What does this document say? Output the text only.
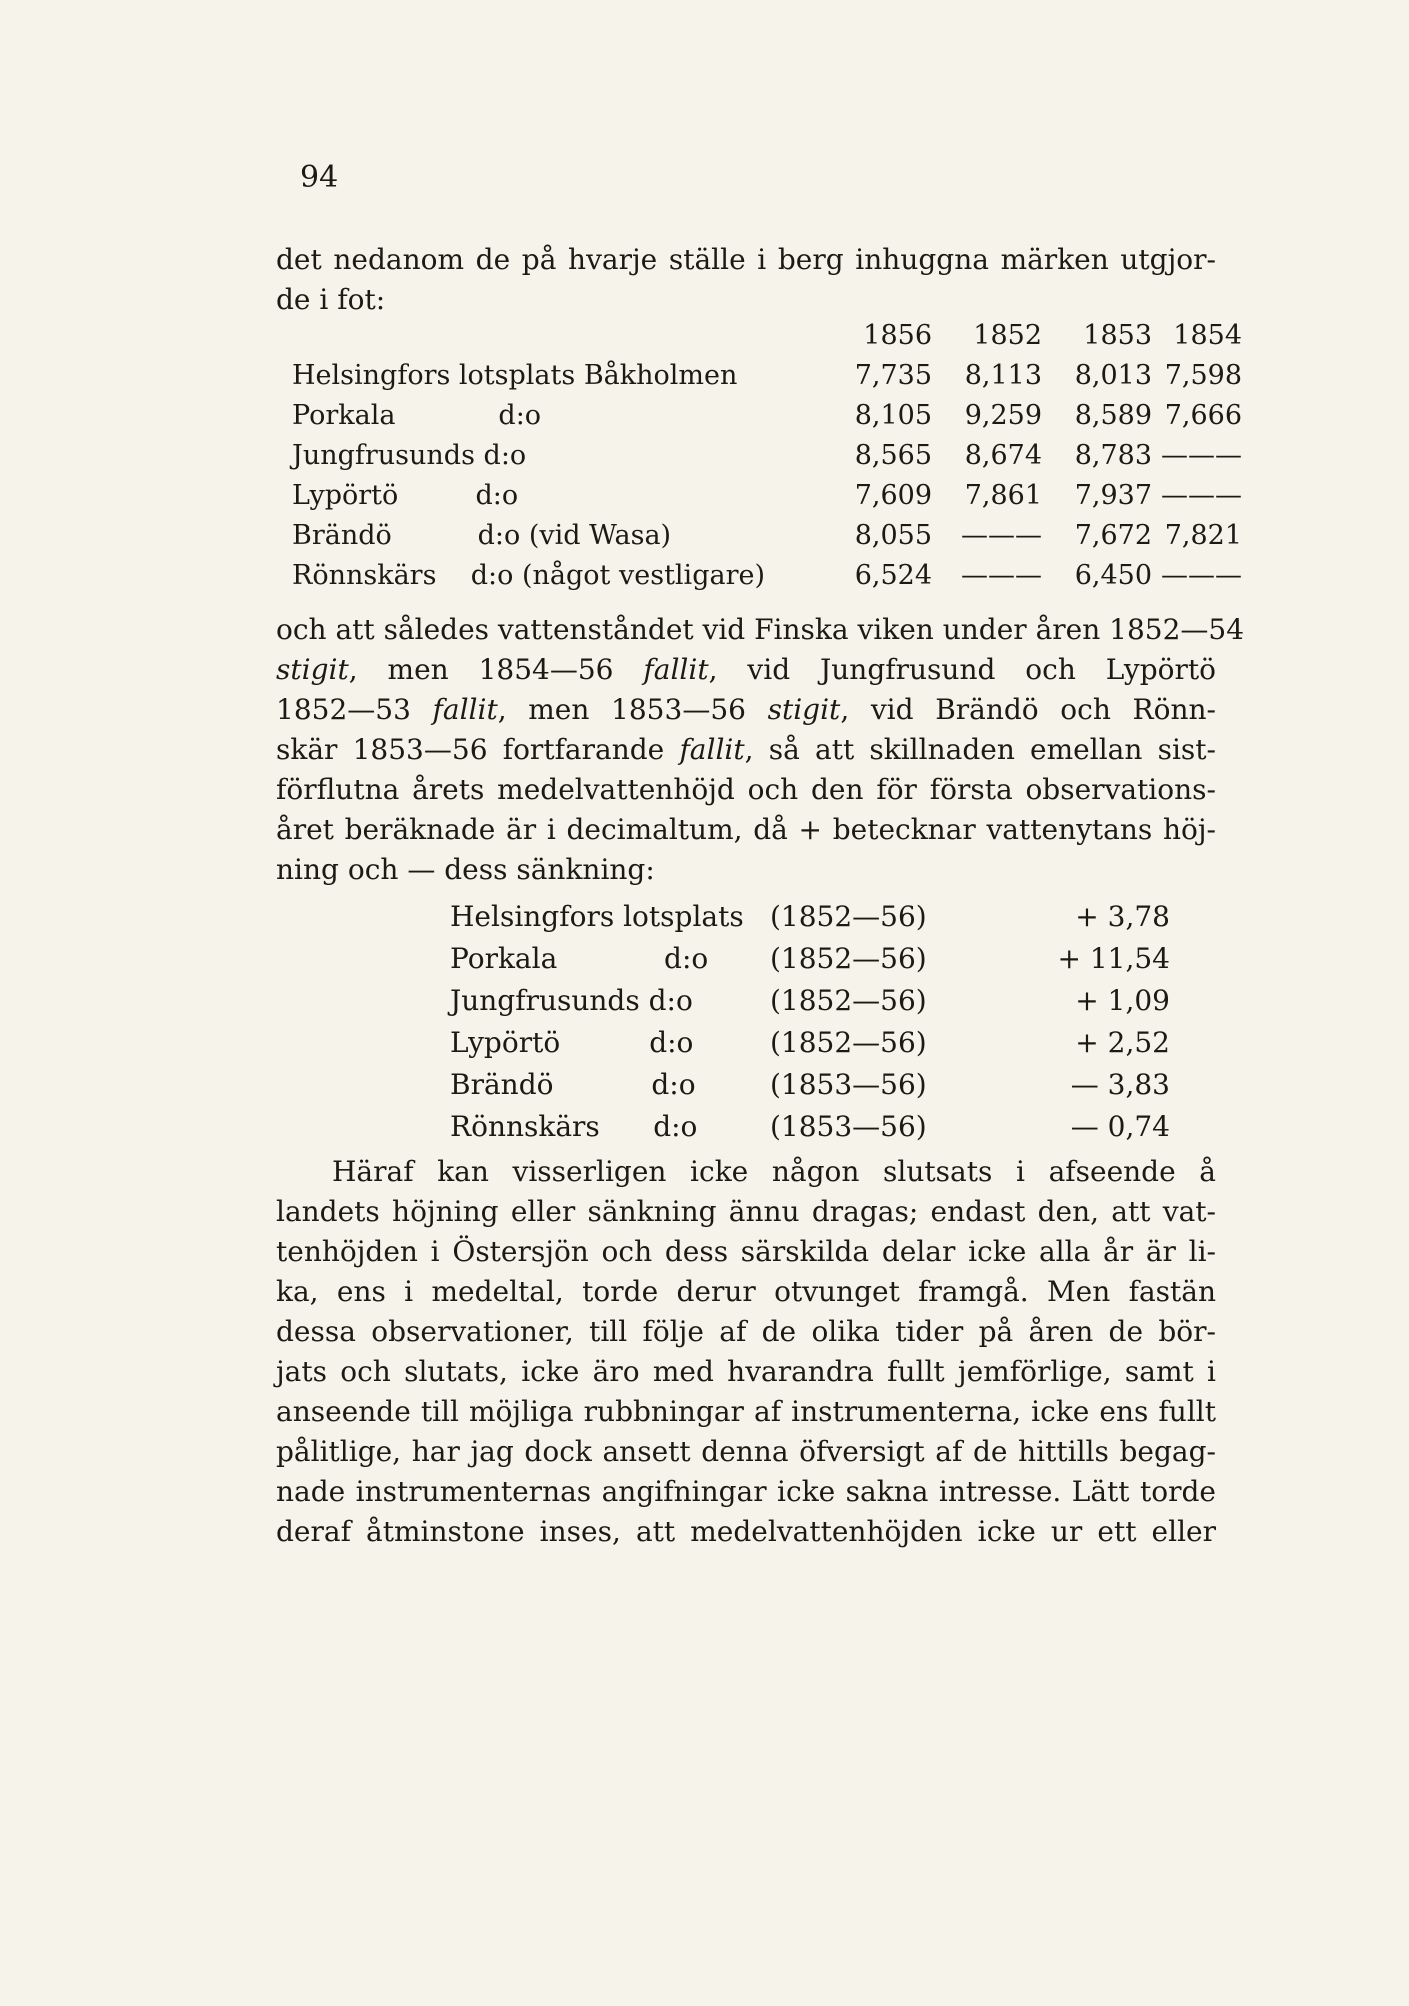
94
det nedanom de på hvarje ställe i berg inhuggna märken utgjor-
de i fot:
1856	1852	1853 1854
Helsingfors lotsplats Båkholmen	7,735	8,113	8,013 7,598
Porkala            d:o	8,105	9,259	8,589 7,666
Jungfrusunds d:o	8,565	8,674	8,783 ———
Lypörtö         d:o	7,609	7,861	7,937 ———
Brändö          d:o (vid Wasa)	8,055	———	7,672 7,821
Rönnskärs    d:o (något vestligare)	6,524	———	6,450 ———
och att således vattenståndet vid Finska viken under åren 1852—54
stigit, men 1854—56 fallit, vid Jungfrusund och Lypörtö
1852—53 fallit, men 1853—56 stigit, vid Brändö och Rönn-
skär 1853—56 fortfarande fallit, så att skillnaden emellan sist-
förflutna årets medelvattenhöjd och den för första observations-
året beräknade är i decimaltum, då + betecknar vattenytans höj-
ning och — dess sänkning:
Helsingfors lotsplats (1852—56)	+ 3,78
Porkala            d:o (1852—56)	+ 11,54
Jungfrusunds d:o	(1852—56)	+ 1,09
Lypörtö          d:o	(1852—56)	+ 2,52
Brändö           d:o	(1853—56)	— 3,83
Rönnskärs      d:o	(1853—56)	— 0,74
Häraf kan visserligen icke någon slutsats i afseende å
landets höjning eller sänkning ännu dragas; endast den, att vat-
tenhöjden i Östersjön och dess särskilda delar icke alla år är li-
ka, ens i medeltal, torde derur otvunget framgå. Men fastän
dessa observationer, till följe af de olika tider på åren de bör-
jats och slutats, icke äro med hvarandra fullt jemförlige, samt i
anseende till möjliga rubbningar af instrumenterna, icke ens fullt
pålitlige, har jag dock ansett denna öfversigt af de hittills begag-
nade instrumenternas angifningar icke sakna intresse. Lätt torde
deraf åtminstone inses, att medelvattenhöjden icke ur ett eller
